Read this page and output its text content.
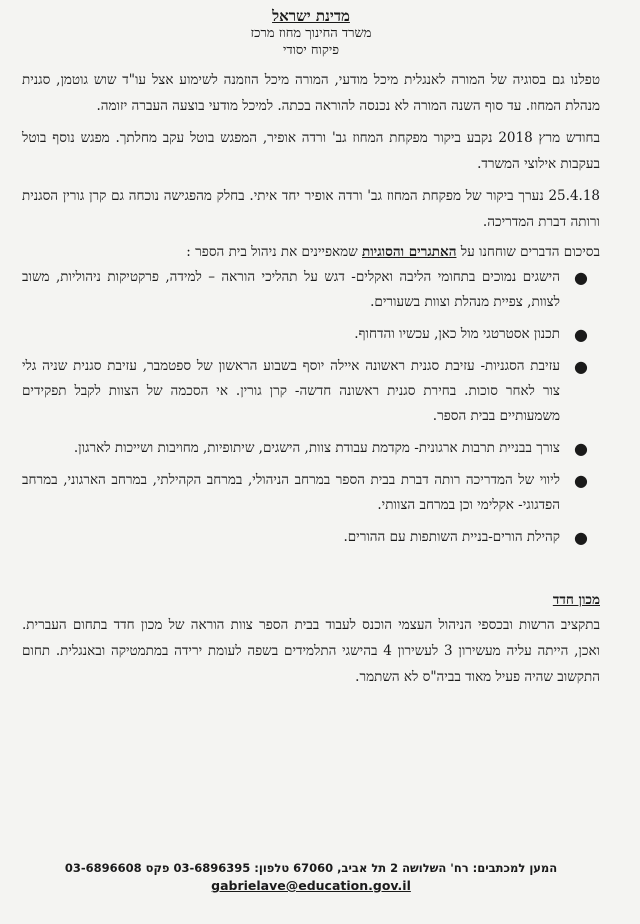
מדינת ישראל
משרד החינוך מחוז מרכז
פיקוח יסודי

טפלנו גם בסוגיה של המורה לאנגלית מיכל מודעי, המורה מיכל הוזמנה לשימוע אצל עו"ד שוש גוטמן, סגנית מנהלת המחוז. עד סוף השנה המורה לא נכנסה להוראה בכתה. למיכל מודעי בוצעה העברה יזומה.

בחודש מרץ 2018 נקבע ביקור מפקחת המחוז גב' ורדה אופיר, המפגש בוטל עקב מחלתך. מפגש נוסף בוטל בעקבות אילוצי המשרד.

25.4.18 נערך ביקור של מפקחת המחוז גב' ורדה אופיר יחד איתי. בחלק מהפגישה נוכחה גם קרן גורין הסגנית ורותה דברת המדריכה.

בסיכום הדברים שוחחנו על האתגרים והסוגיות שמאפיינים את ניהול בית הספר :
●
הישגים נמוכים בתחומי הליבה ואקלים- דגש על תהליכי הוראה – למידה, פרקטיקות ניהוליות, משוב לצוות, צפיית מנהלת וצוות בשעורים.
●
תכנון אסטרטגי מול כאן, עכשיו והדחוף.
●
עזיבת הסגניות- עזיבת סגנית ראשונה איילה יוסף בשבוע הראשון של ספטמבר, עזיבת סגנית שניה גלי צור לאחר סוכות. בחירת סגנית ראשונה חדשה- קרן גורין. אי הסכמה של הצוות לקבל תפקידים משמעותיים בבית הספר.
●
צורך בבניית תרבות ארגונית- מקדמת עבודת צוות, הישגים, שיתופיות, מחויבות ושייכות לארגון.
●
ליווי של המדריכה רותה דברת בבית הספר במרחב הניהולי, במרחב הקהילתי, במרחב הארגוני, במרחב הפדגוגי- אקלימי וכן במרחב הצוותי.
●
קהילת הורים-בניית השותפות עם ההורים.
מכון חדד

בתקציב הרשות ובכספי הניהול העצמי הוכנס לעבוד בבית הספר צוות הוראה של מכון חדד בתחום העברית. ואכן, הייתה עליה מעשירון 3 לעשירון 4 בהישגי התלמידים בשפה לעומת ירידה במתמטיקה ובאנגלית. תחום התקשוב שהיה פעיל מאוד בביה"ס לא השתמר.

המען למכתבים: רח' השלושה 2 תל אביב, 67060 טלפון: 03-6896395 פקס 03-6896608
gabrielave@education.gov.il
